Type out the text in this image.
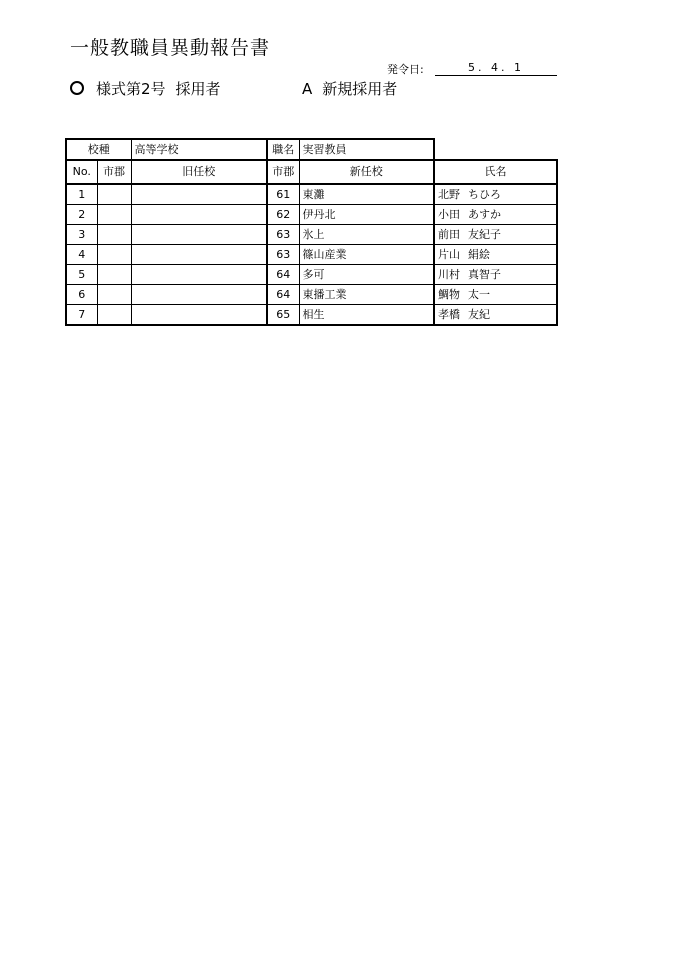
一般教職員異動報告書
発令日:	5. 4. 1
様式第2号 採用者	A 新規採用者
校種		高等学校	職名	実習教員	
No.	市郡	旧任校	市郡	新任校	氏名
1			61	東灘	北野 ちひろ
2			62	伊丹北	小田 あすか
3			63	氷上	前田 友紀子
4			63	篠山産業	片山 絹絵
5			64	多可	川村 真智子
6			64	東播工業	鯛物 太一
7			65	相生	孝橋 友紀
